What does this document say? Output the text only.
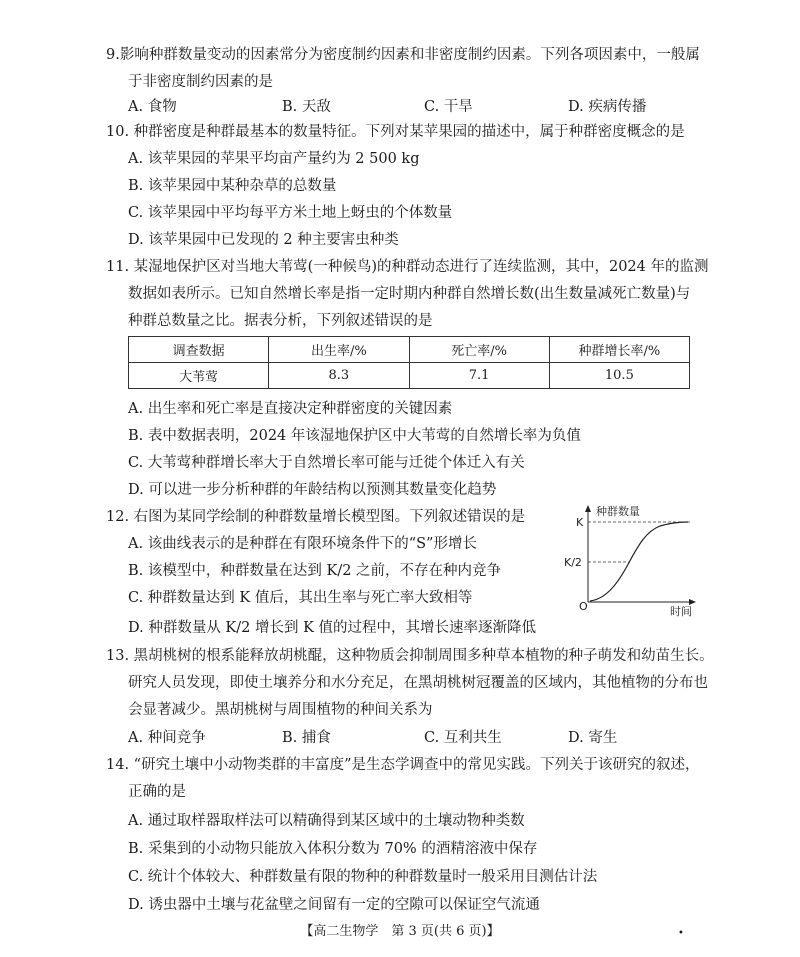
9.影响种群数量变动的因素常分为密度制约因素和非密度制约因素。下列各项因素中，一般属
于非密度制约因素的是
A. 食物	B. 天敌	C. 干旱	D. 疾病传播
10. 种群密度是种群最基本的数量特征。下列对某苹果园的描述中，属于种群密度概念的是
A. 该苹果园的苹果平均亩产量约为 2 500 kg
B. 该苹果园中某种杂草的总数量
C. 该苹果园中平均每平方米土地上蚜虫的个体数量
D. 该苹果园中已发现的 2 种主要害虫种类
11. 某湿地保护区对当地大苇莺(一种候鸟)的种群动态进行了连续监测，其中，2024 年的监测
数据如表所示。已知自然增长率是指一定时期内种群自然增长数(出生数量减死亡数量)与
种群总数量之比。据表分析，下列叙述错误的是
调查数据	出生率/%	死亡率/%	种群增长率/%
大苇莺	8.3	7.1	10.5
A. 出生率和死亡率是直接决定种群密度的关键因素
B. 表中数据表明，2024 年该湿地保护区中大苇莺的自然增长率为负值
C. 大苇莺种群增长率大于自然增长率可能与迁徙个体迁入有关
D. 可以进一步分析种群的年龄结构以预测其数量变化趋势
12. 右图为某同学绘制的种群数量增长模型图。下列叙述错误的是
A. 该曲线表示的是种群在有限环境条件下的“S”形增长
B. 该模型中，种群数量在达到 K/2 之前，不存在种内竞争
C. 种群数量达到 K 值后，其出生率与死亡率大致相等
D. 种群数量从 K/2 增长到 K 值的过程中，其增长速率逐渐降低
种群数量
K
K/2
O	时间
13. 黑胡桃树的根系能释放胡桃醌，这种物质会抑制周围多种草本植物的种子萌发和幼苗生长。
研究人员发现，即使土壤养分和水分充足，在黑胡桃树冠覆盖的区域内，其他植物的分布也
会显著减少。黑胡桃树与周围植物的种间关系为
A. 种间竞争	B. 捕食	C. 互利共生	D. 寄生
14. “研究土壤中小动物类群的丰富度”是生态学调查中的常见实践。下列关于该研究的叙述，
正确的是
A. 通过取样器取样法可以精确得到某区域中的土壤动物种类数
B. 采集到的小动物只能放入体积分数为 70% 的酒精溶液中保存
C. 统计个体较大、种群数量有限的物种的种群数量时一般采用目测估计法
D. 诱虫器中土壤与花盆壁之间留有一定的空隙可以保证空气流通
【高二生物学　第 3 页(共 6 页)】	•
